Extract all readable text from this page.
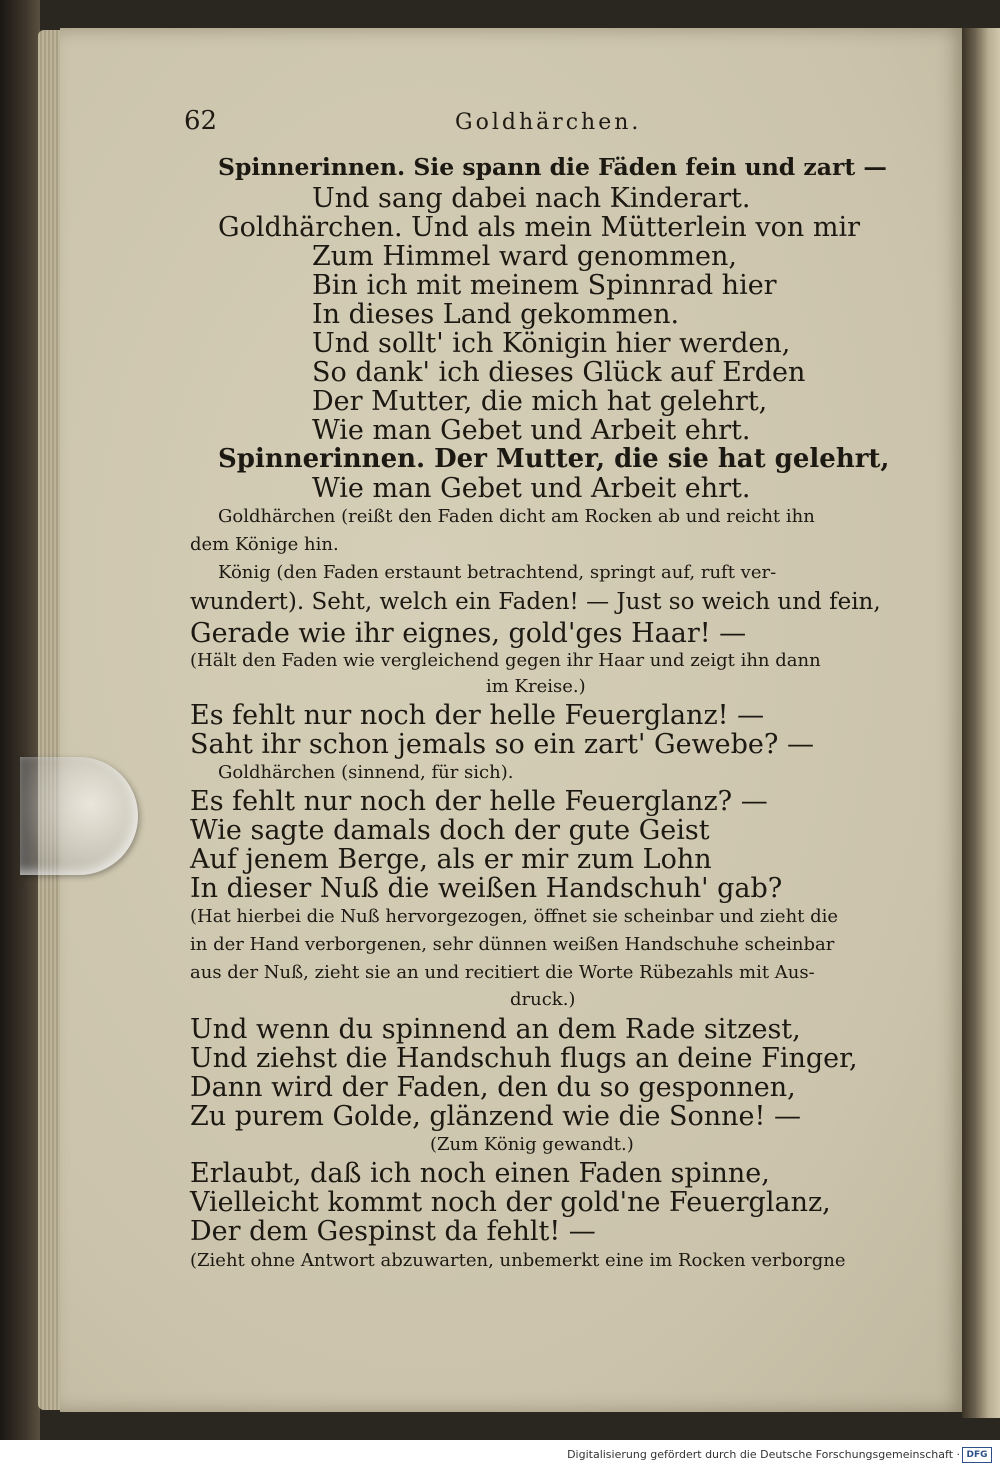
62	Goldhärchen.
Spinnerinnen. Sie spann die Fäden fein und zart —
Und sang dabei nach Kinderart.
Goldhärchen. Und als mein Mütterlein von mir
Zum Himmel ward genommen,
Bin ich mit meinem Spinnrad hier
In dieses Land gekommen.
Und sollt' ich Königin hier werden,
So dank' ich dieses Glück auf Erden
Der Mutter, die mich hat gelehrt,
Wie man Gebet und Arbeit ehrt.
Spinnerinnen. Der Mutter, die sie hat gelehrt,
Wie man Gebet und Arbeit ehrt.
Goldhärchen (reißt den Faden dicht am Rocken ab und reicht ihn
dem Könige hin.
König (den Faden erstaunt betrachtend, springt auf, ruft ver-
wundert). Seht, welch ein Faden! — Just so weich und fein,
Gerade wie ihr eignes, gold'ges Haar! —
(Hält den Faden wie vergleichend gegen ihr Haar und zeigt ihn dann
im Kreise.)
Es fehlt nur noch der helle Feuerglanz! —
Saht ihr schon jemals so ein zart' Gewebe? —
Goldhärchen (sinnend, für sich).
Es fehlt nur noch der helle Feuerglanz? —
Wie sagte damals doch der gute Geist
Auf jenem Berge, als er mir zum Lohn
In dieser Nuß die weißen Handschuh' gab?
(Hat hierbei die Nuß hervorgezogen, öffnet sie scheinbar und zieht die
in der Hand verborgenen, sehr dünnen weißen Handschuhe scheinbar
aus der Nuß, zieht sie an und recitiert die Worte Rübezahls mit Aus-
druck.)
Und wenn du spinnend an dem Rade sitzest,
Und ziehst die Handschuh flugs an deine Finger,
Dann wird der Faden, den du so gesponnen,
Zu purem Golde, glänzend wie die Sonne! —
(Zum König gewandt.)
Erlaubt, daß ich noch einen Faden spinne,
Vielleicht kommt noch der gold'ne Feuerglanz,
Der dem Gespinst da fehlt! —
(Zieht ohne Antwort abzuwarten, unbemerkt eine im Rocken verborgne
Digitalisierung gefördert durch die Deutsche Forschungsgemeinschaft · DFG
